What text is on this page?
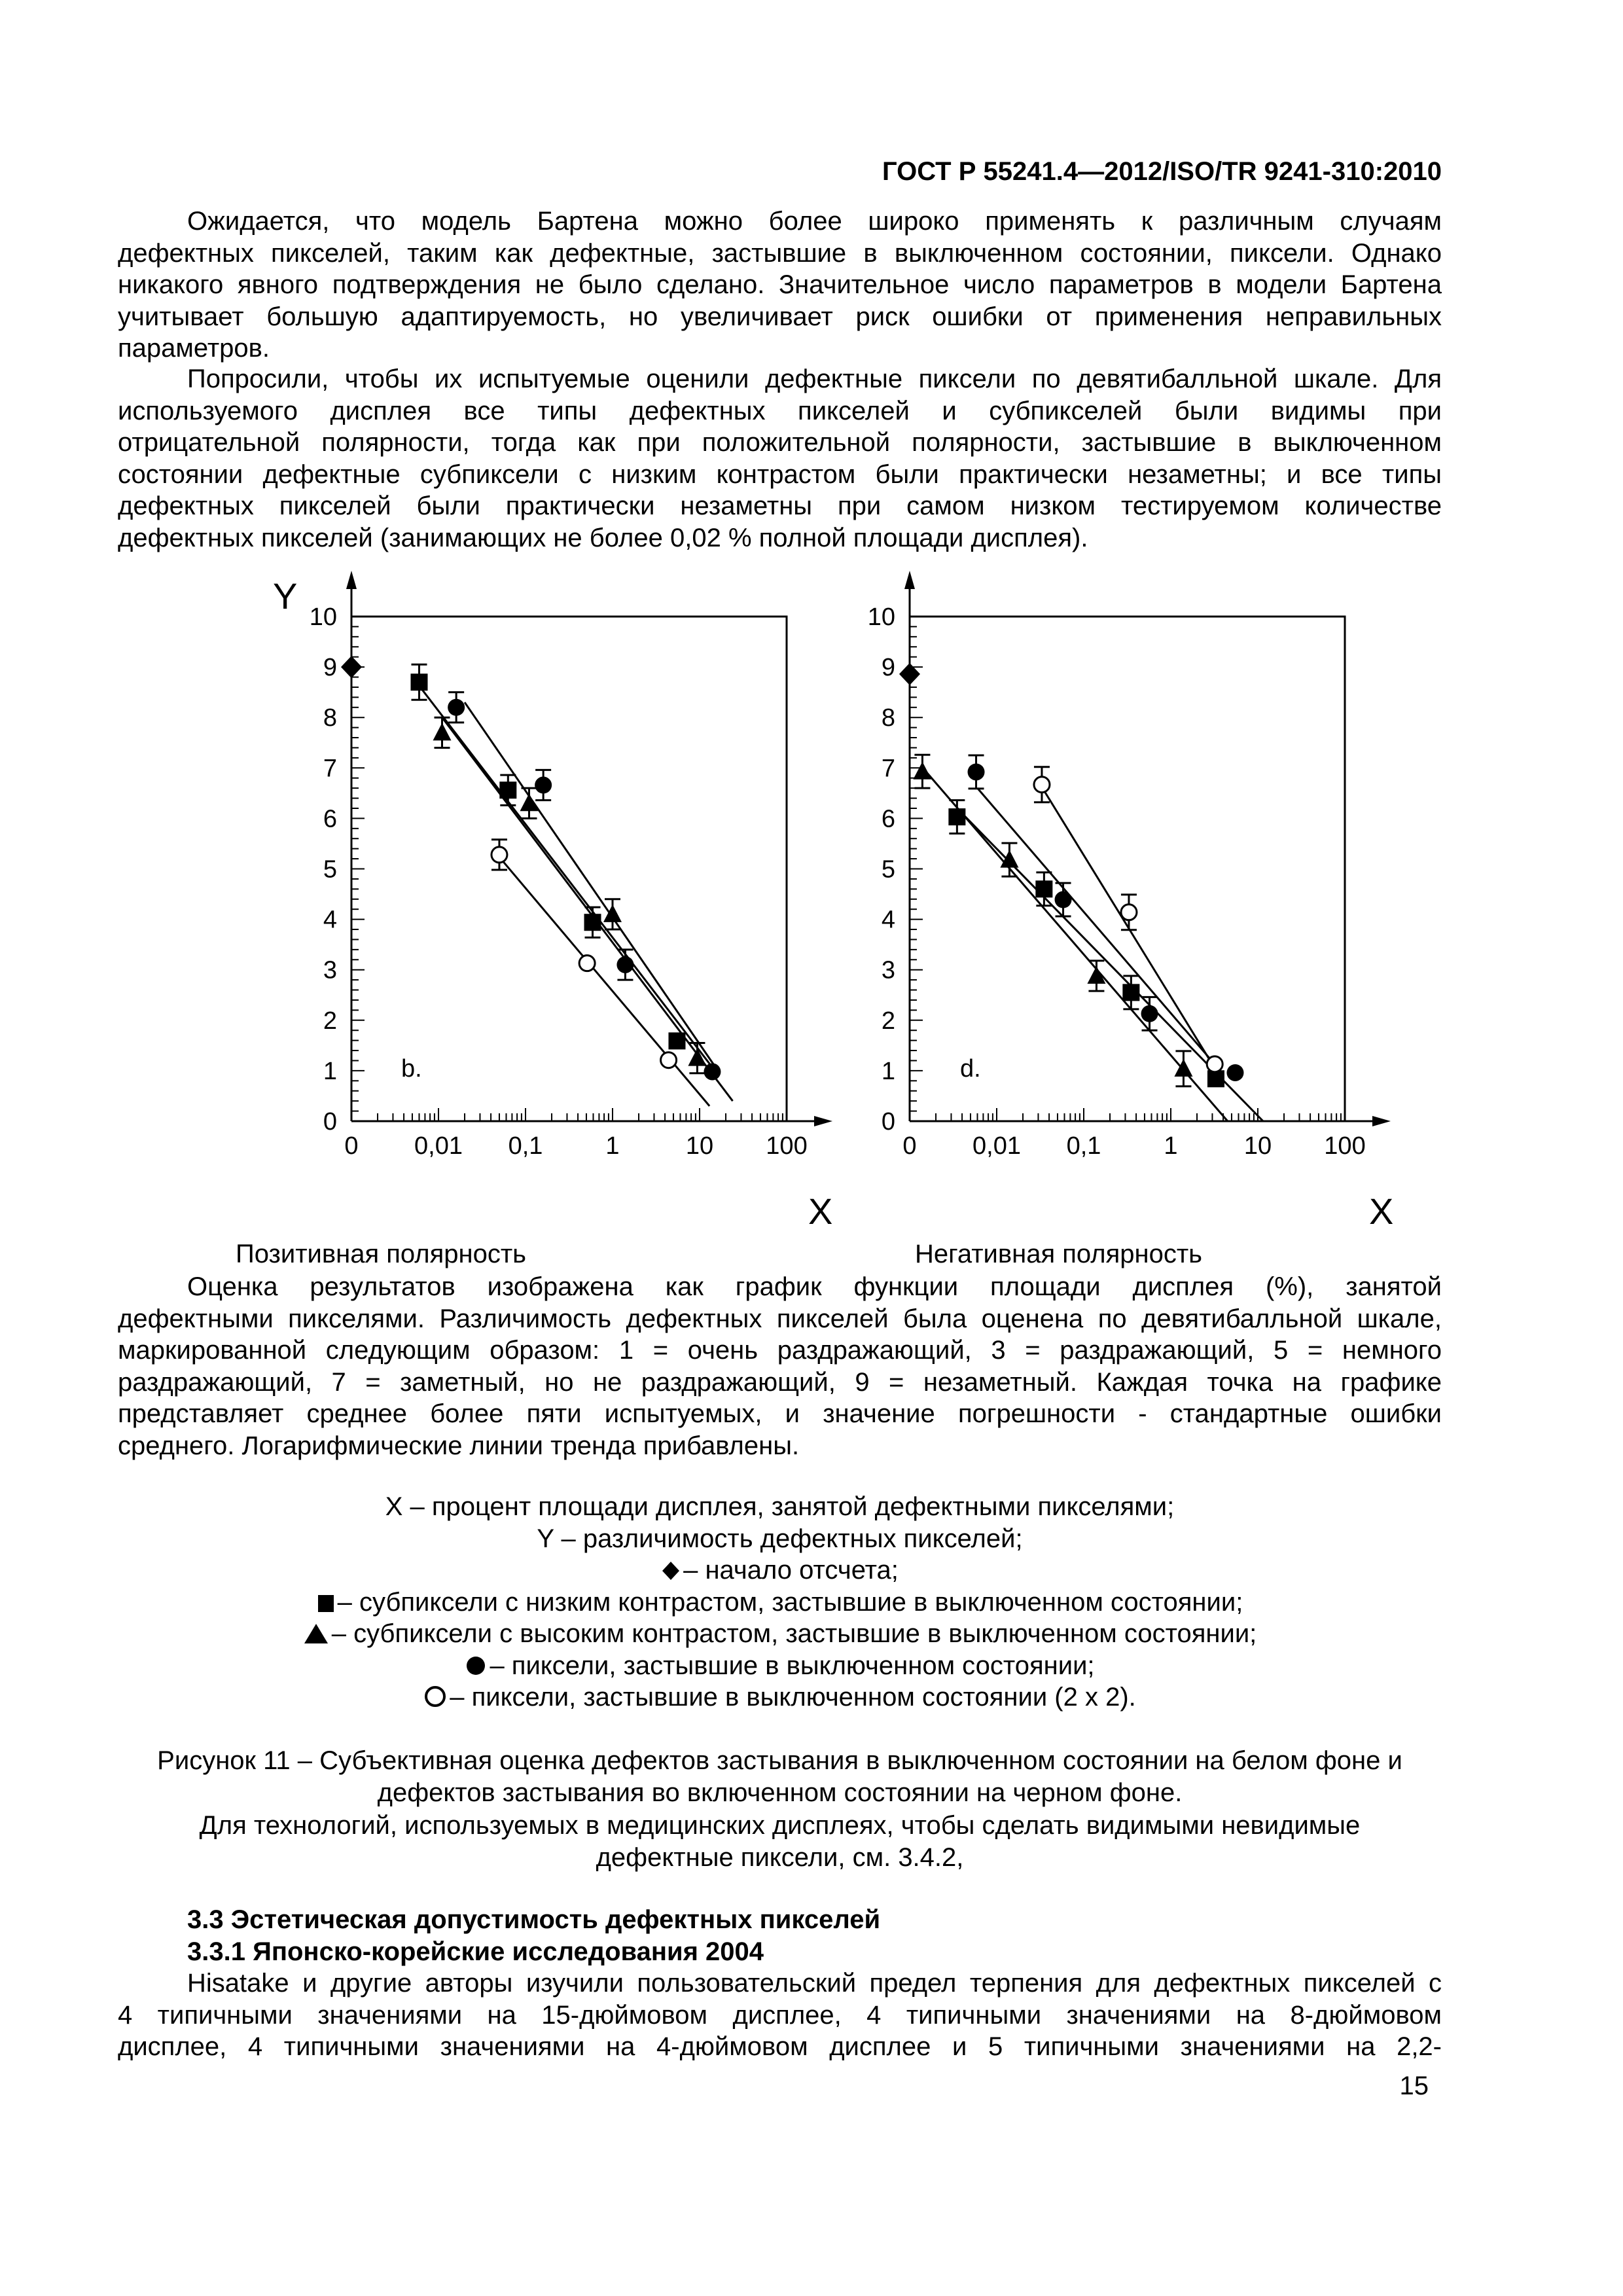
ГОСТ Р 55241.4—2012/ISO/TR 9241-310:2010
Ожидается, что модель Бартена можно более широко применять к различным случаям
дефектных пикселей, таким как дефектные, застывшие в выключенном состоянии, пиксели. Однако
никакого явного подтверждения не было сделано. Значительное число параметров в модели Бартена
учитывает большую адаптируемость, но увеличивает риск ошибки от применения неправильных
параметров.
Попросили, чтобы их испытуемые оценили дефектные пиксели по девятибалльной шкале. Для
используемого дисплея все типы дефектных пикселей и субпикселей были видимы при
отрицательной полярности, тогда как при положительной полярности, застывшие в выключенном
состоянии дефектные субпиксели с низким контрастом были практически незаметны; и все типы
дефектных пикселей были практически незаметны при самом низком тестируемом количестве
дефектных пикселей (занимающих не более 0,02 % полной площади дисплея).
0
1
2
3
4
5
6
7
8
9
10
0 0,01 0,1	1	10 100
Y
X
b.
0
1
2
3
4
5
6
7
8
9
10
0 0,01 0,1	1	10 100
X
d.
Позитивная полярность	Негативная полярность
Оценка результатов изображена как график функции площади дисплея (%), занятой
дефектными пикселями. Различимость дефектных пикселей была оценена по девятибалльной шкале,
маркированной следующим образом: 1 = очень раздражающий, 3 = раздражающий, 5 = немного
раздражающий, 7 = заметный, но не раздражающий, 9 = незаметный. Каждая точка на графике
представляет среднее более пяти испытуемых, и значение погрешности - стандартные ошибки
среднего. Логарифмические линии тренда прибавлены.
X – процент площади дисплея, занятой дефектными пикселями;
Y – различимость дефектных пикселей;
– начало отсчета;
– субпиксели с низким контрастом, застывшие в выключенном состоянии;
– субпиксели с высоким контрастом, застывшие в выключенном состоянии;
– пиксели, застывшие в выключенном состоянии;
– пиксели, застывшие в выключенном состоянии (2 х 2).
Рисунок 11 – Субъективная оценка дефектов застывания в выключенном состоянии на белом фоне и
дефектов застывания во включенном состоянии на черном фоне.
Для технологий, используемых в медицинских дисплеях, чтобы сделать видимыми невидимые
дефектные пиксели, см. 3.4.2,
3.3 Эстетическая допустимость дефектных пикселей
3.3.1 Японско-корейские исследования 2004
Hisatake и другие авторы изучили пользовательский предел терпения для дефектных пикселей с
4 типичными значениями на 15-дюймовом дисплее, 4 типичными значениями на 8-дюймовом
дисплее, 4 типичными значениями на 4-дюймовом дисплее и 5 типичными значениями на 2,2-
15
